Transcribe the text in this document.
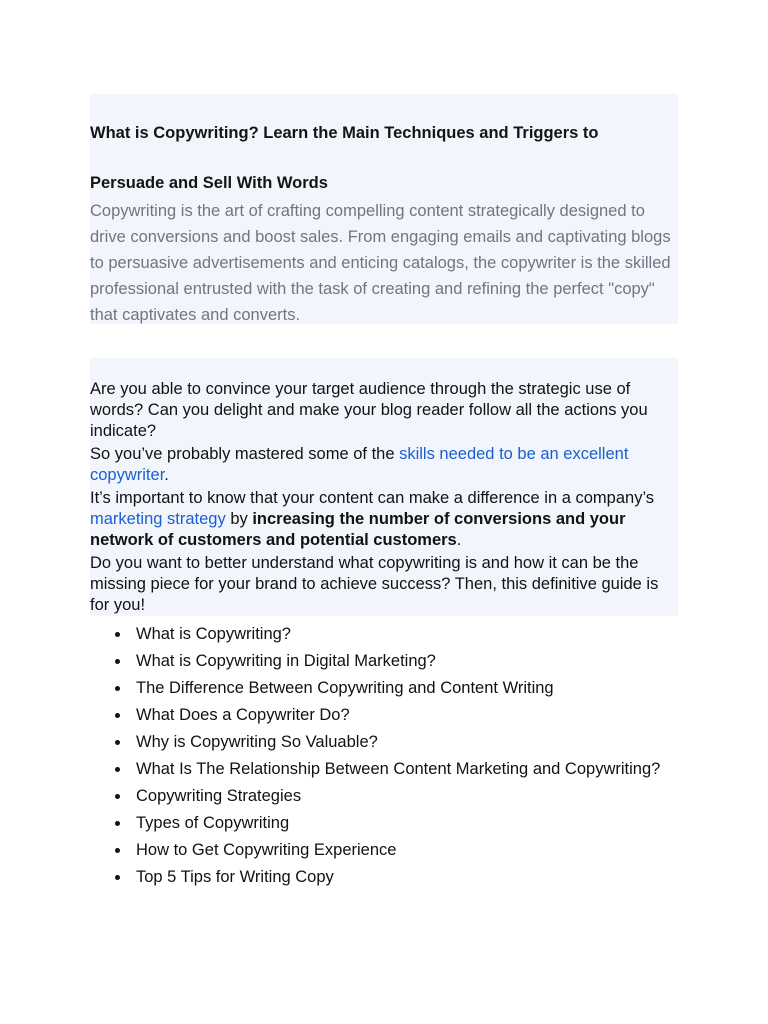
What is Copywriting? Learn the Main Techniques and Triggers to
Persuade and Sell With Words

Copywriting is the art of crafting compelling content strategically designed to drive conversions and boost sales. From engaging emails and captivating blogs to persuasive advertisements and enticing catalogs, the copywriter is the skilled professional entrusted with the task of creating and refining the perfect "copy" that captivates and converts.

Are you able to convince your target audience through the strategic use of words? Can you delight and make your blog reader follow all the actions you indicate?

So you’ve probably mastered some of the skills needed to be an excellent copywriter.

It’s important to know that your content can make a difference in a company’s marketing strategy by increasing the number of conversions and your network of customers and potential customers.

Do you want to better understand what copywriting is and how it can be the missing piece for your brand to achieve success? Then, this definitive guide is for you!

What is Copywriting?
What is Copywriting in Digital Marketing?
The Difference Between Copywriting and Content Writing
What Does a Copywriter Do?
Why is Copywriting So Valuable?
What Is The Relationship Between Content Marketing and Copywriting?
Copywriting Strategies
Types of Copywriting
How to Get Copywriting Experience
Top 5 Tips for Writing Copy
